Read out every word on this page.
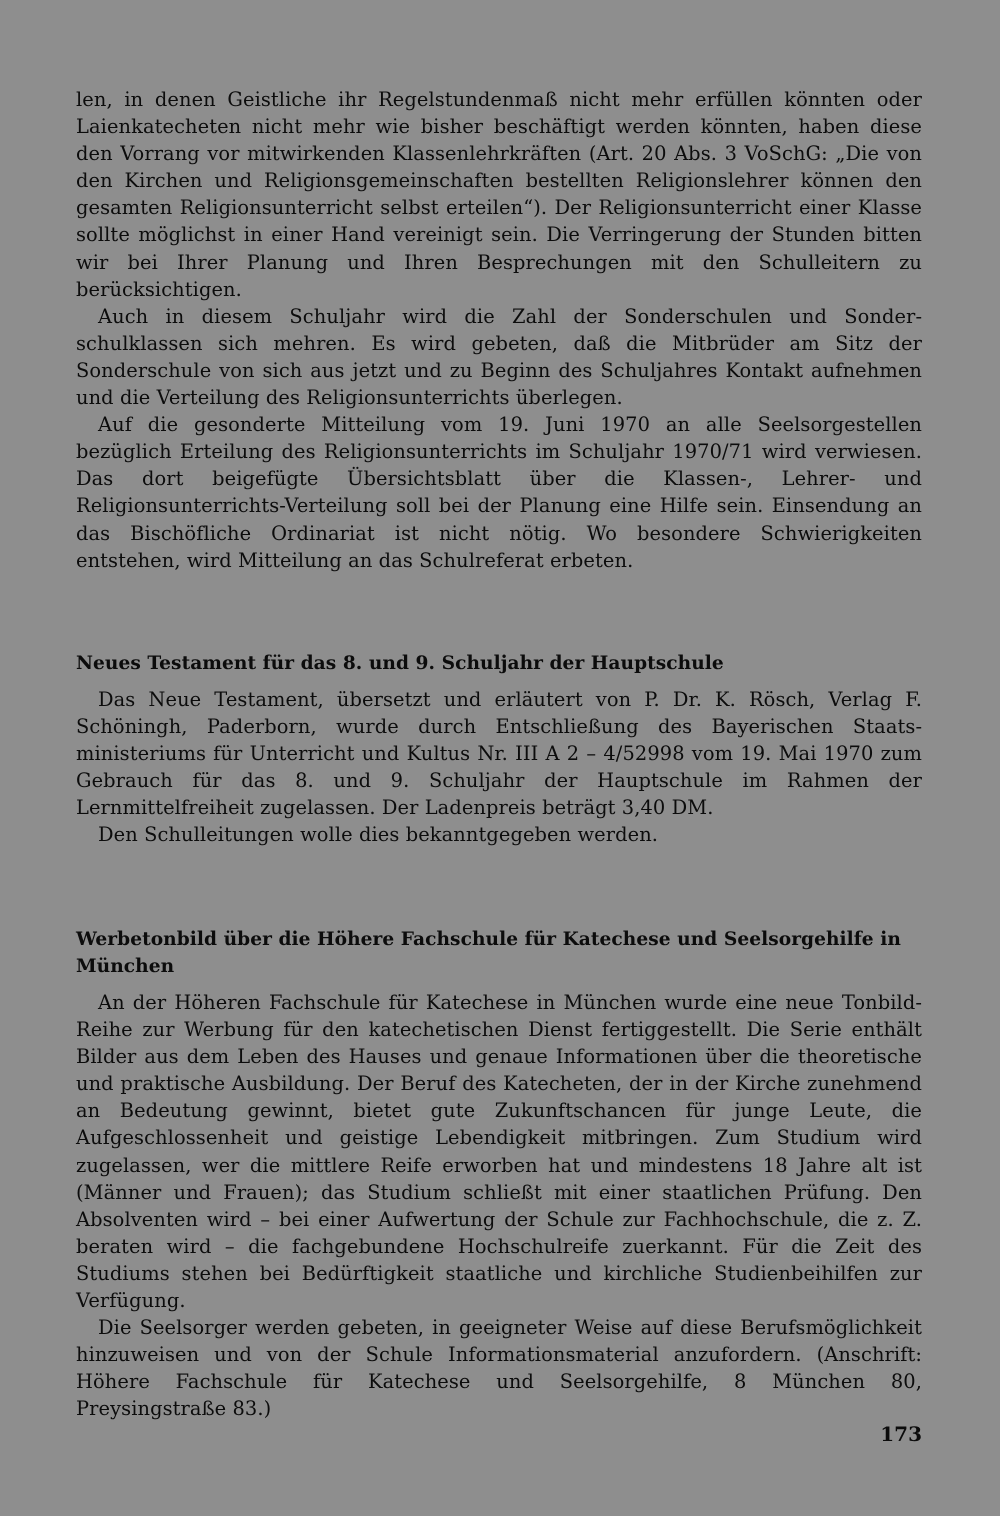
len, in denen Geistliche ihr Regelstundenmaß nicht mehr erfüllen könnten oder Laienkatecheten nicht mehr wie bisher beschäftigt werden könnten, haben diese den Vorrang vor mitwirkenden Klassenlehrkräften (Art. 20 Abs. 3 VoSchG: „Die von den Kirchen und Religionsgemeinschaften bestellten Religionslehrer können den gesamten Religionsunterricht selbst erteilen“). Der Religionsunterricht einer Klasse sollte möglichst in einer Hand vereinigt sein. Die Verringerung der Stunden bitten wir bei Ihrer Planung und Ihren Besprechungen mit den Schulleitern zu berücksichtigen.

Auch in diesem Schuljahr wird die Zahl der Sonderschulen und Sonderschulklassen sich mehren. Es wird gebeten, daß die Mitbrüder am Sitz der Sonderschule von sich aus jetzt und zu Beginn des Schuljahres Kontakt aufnehmen und die Verteilung des Religionsunterrichts überlegen.

Auf die gesonderte Mitteilung vom 19. Juni 1970 an alle Seelsorgestellen bezüglich Erteilung des Religionsunterrichts im Schuljahr 1970/71 wird verwiesen. Das dort beigefügte Übersichtsblatt über die Klassen-, Lehrer- und Religionsunterrichts-Verteilung soll bei der Planung eine Hilfe sein. Einsendung an das Bischöfliche Ordinariat ist nicht nötig. Wo besondere Schwierigkeiten entstehen, wird Mitteilung an das Schulreferat erbeten.

Neues Testament für das 8. und 9. Schuljahr der Hauptschule

Das Neue Testament, übersetzt und erläutert von P. Dr. K. Rösch, Verlag F. Schöningh, Paderborn, wurde durch Entschließung des Bayerischen Staatsministeriums für Unterricht und Kultus Nr. III A 2 – 4/52998 vom 19. Mai 1970 zum Gebrauch für das 8. und 9. Schuljahr der Hauptschule im Rahmen der Lernmittelfreiheit zugelassen. Der Ladenpreis beträgt 3,40 DM.

Den Schulleitungen wolle dies bekanntgegeben werden.

Werbetonbild über die Höhere Fachschule für Katechese und Seelsorgehilfe in München

An der Höheren Fachschule für Katechese in München wurde eine neue Tonbild-Reihe zur Werbung für den katechetischen Dienst fertiggestellt. Die Serie enthält Bilder aus dem Leben des Hauses und genaue Informationen über die theoretische und praktische Ausbildung. Der Beruf des Katecheten, der in der Kirche zunehmend an Bedeutung gewinnt, bietet gute Zukunftschancen für junge Leute, die Aufgeschlossenheit und geistige Lebendigkeit mitbringen. Zum Studium wird zugelassen, wer die mittlere Reife erworben hat und mindestens 18 Jahre alt ist (Männer und Frauen); das Studium schließt mit einer staatlichen Prüfung. Den Absolventen wird – bei einer Aufwertung der Schule zur Fachhochschule, die z. Z. beraten wird – die fachgebundene Hochschulreife zuerkannt. Für die Zeit des Studiums stehen bei Bedürftigkeit staatliche und kirchliche Studienbeihilfen zur Verfügung.

Die Seelsorger werden gebeten, in geeigneter Weise auf diese Berufsmöglichkeit hinzuweisen und von der Schule Informationsmaterial anzufordern. (Anschrift: Höhere Fachschule für Katechese und Seelsorgehilfe, 8 München 80, Preysingstraße 83.)

173
